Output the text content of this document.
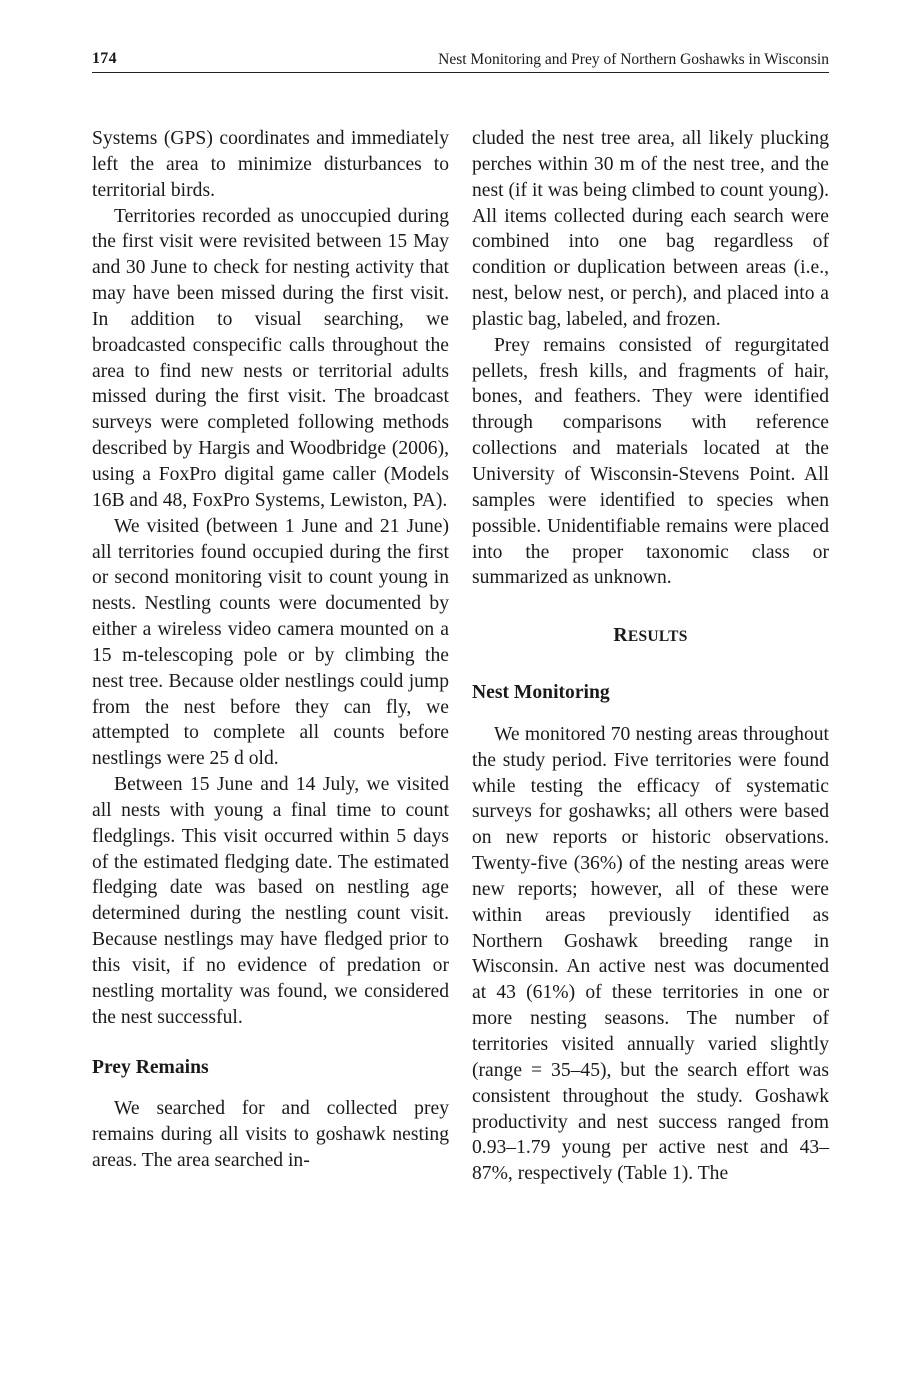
174	Nest Monitoring and Prey of Northern Goshawks in Wisconsin

Systems (GPS) coordinates and immediately left the area to minimize disturbances to territorial birds.

Territories recorded as unoccupied during the first visit were revisited between 15 May and 30 June to check for nesting activity that may have been missed during the first visit. In addition to visual searching, we broadcasted conspecific calls throughout the area to find new nests or territorial adults missed during the first visit. The broadcast surveys were completed following methods described by Hargis and Woodbridge (2006), using a FoxPro digital game caller (Models 16B and 48, FoxPro Systems, Lewiston, PA).

We visited (between 1 June and 21 June) all territories found occupied during the first or second monitoring visit to count young in nests. Nestling counts were documented by either a wireless video camera mounted on a 15 m-telescoping pole or by climbing the nest tree. Because older nestlings could jump from the nest before they can fly, we attempted to complete all counts before nestlings were 25 d old.

Between 15 June and 14 July, we visited all nests with young a final time to count fledglings. This visit occurred within 5 days of the estimated fledging date. The estimated fledging date was based on nestling age determined during the nestling count visit. Because nestlings may have fledged prior to this visit, if no evidence of predation or nestling mortality was found, we considered the nest successful.

Prey Remains

We searched for and collected prey remains during all visits to goshawk nesting areas. The area searched in-

cluded the nest tree area, all likely plucking perches within 30 m of the nest tree, and the nest (if it was being climbed to count young). All items collected during each search were combined into one bag regardless of condition or duplication between areas (i.e., nest, below nest, or perch), and placed into a plastic bag, labeled, and frozen.

Prey remains consisted of regurgitated pellets, fresh kills, and fragments of hair, bones, and feathers. They were identified through comparisons with reference collections and materials located at the University of Wisconsin-Stevens Point. All samples were identified to species when possible. Unidentifiable remains were placed into the proper taxonomic class or summarized as unknown.

RESULTS
Nest Monitoring

We monitored 70 nesting areas throughout the study period. Five territories were found while testing the efficacy of systematic surveys for goshawks; all others were based on new reports or historic observations. Twenty-five (36%) of the nesting areas were new reports; however, all of these were within areas previously identified as Northern Goshawk breeding range in Wisconsin. An active nest was documented at 43 (61%) of these territories in one or more nesting seasons. The number of territories visited annually varied slightly (range = 35–45), but the search effort was consistent throughout the study. Goshawk productivity and nest success ranged from 0.93–1.79 young per active nest and 43–87%, respectively (Table 1). The
